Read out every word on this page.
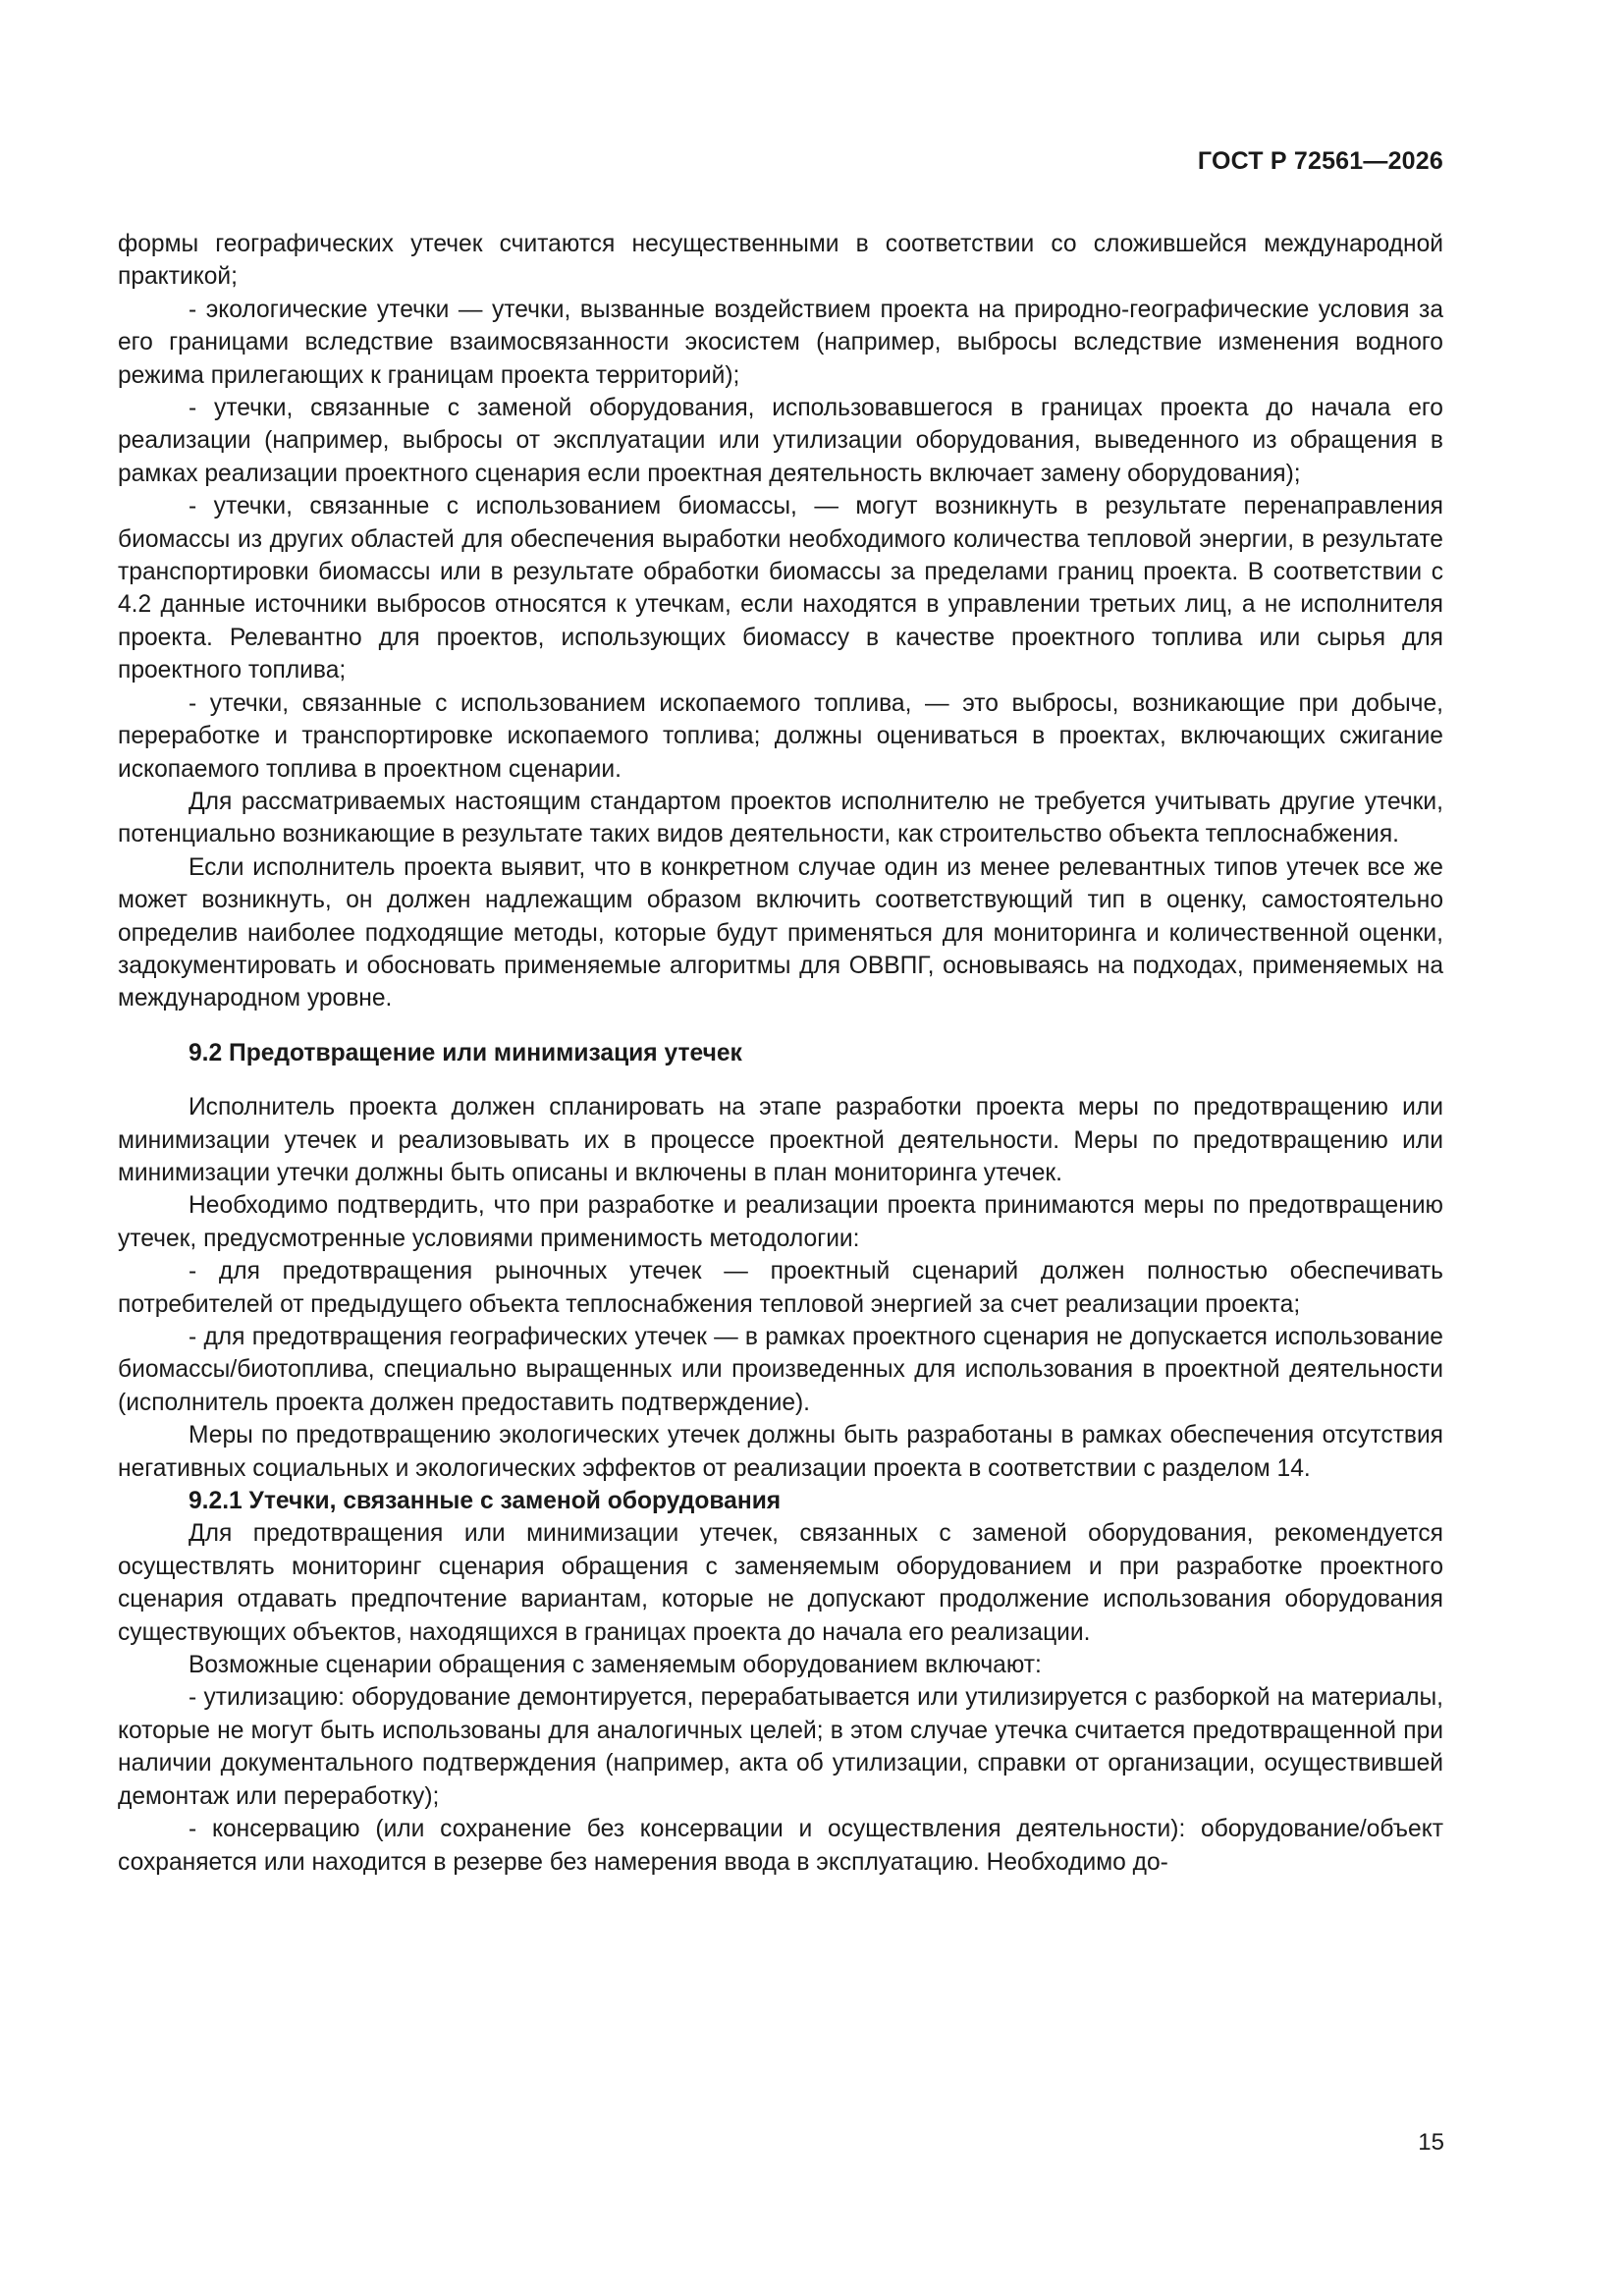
ГОСТ Р 72561—2026

формы географических утечек считаются несущественными в соответствии со сложившейся международной практикой;

- экологические утечки — утечки, вызванные воздействием проекта на природно-географические условия за его границами вследствие взаимосвязанности экосистем (например, выбросы вследствие изменения водного режима прилегающих к границам проекта территорий);

- утечки, связанные с заменой оборудования, использовавшегося в границах проекта до начала его реализации (например, выбросы от эксплуатации или утилизации оборудования, выведенного из обращения в рамках реализации проектного сценария если проектная деятельность включает замену оборудования);

- утечки, связанные с использованием биомассы, — могут возникнуть в результате перенаправления биомассы из других областей для обеспечения выработки необходимого количества тепловой энергии, в результате транспортировки биомассы или в результате обработки биомассы за пределами границ проекта. В соответствии с 4.2 данные источники выбросов относятся к утечкам, если находятся в управлении третьих лиц, а не исполнителя проекта. Релевантно для проектов, использующих биомассу в качестве проектного топлива или сырья для проектного топлива;

- утечки, связанные с использованием ископаемого топлива, — это выбросы, возникающие при добыче, переработке и транспортировке ископаемого топлива; должны оцениваться в проектах, включающих сжигание ископаемого топлива в проектном сценарии.

Для рассматриваемых настоящим стандартом проектов исполнителю не требуется учитывать другие утечки, потенциально возникающие в результате таких видов деятельности, как строительство объекта теплоснабжения.

Если исполнитель проекта выявит, что в конкретном случае один из менее релевантных типов утечек все же может возникнуть, он должен надлежащим образом включить соответствующий тип в оценку, самостоятельно определив наиболее подходящие методы, которые будут применяться для мониторинга и количественной оценки, задокументировать и обосновать применяемые алгоритмы для ОВВПГ, основываясь на подходах, применяемых на международном уровне.

9.2 Предотвращение или минимизация утечек

Исполнитель проекта должен спланировать на этапе разработки проекта меры по предотвращению или минимизации утечек и реализовывать их в процессе проектной деятельности. Меры по предотвращению или минимизации утечки должны быть описаны и включены в план мониторинга утечек.

Необходимо подтвердить, что при разработке и реализации проекта принимаются меры по предотвращению утечек, предусмотренные условиями применимость методологии:

- для предотвращения рыночных утечек — проектный сценарий должен полностью обеспечивать потребителей от предыдущего объекта теплоснабжения тепловой энергией за счет реализации проекта;

- для предотвращения географических утечек — в рамках проектного сценария не допускается использование биомассы/биотоплива, специально выращенных или произведенных для использования в проектной деятельности (исполнитель проекта должен предоставить подтверждение).

Меры по предотвращению экологических утечек должны быть разработаны в рамках обеспечения отсутствия негативных социальных и экологических эффектов от реализации проекта в соответствии с разделом 14.

9.2.1 Утечки, связанные с заменой оборудования

Для предотвращения или минимизации утечек, связанных с заменой оборудования, рекомендуется осуществлять мониторинг сценария обращения с заменяемым оборудованием и при разработке проектного сценария отдавать предпочтение вариантам, которые не допускают продолжение использования оборудования существующих объектов, находящихся в границах проекта до начала его реализации.

Возможные сценарии обращения с заменяемым оборудованием включают:

- утилизацию: оборудование демонтируется, перерабатывается или утилизируется с разборкой на материалы, которые не могут быть использованы для аналогичных целей; в этом случае утечка считается предотвращенной при наличии документального подтверждения (например, акта об утилизации, справки от организации, осуществившей демонтаж или переработку);

- консервацию (или сохранение без консервации и осуществления деятельности): оборудование/объект сохраняется или находится в резерве без намерения ввода в эксплуатацию. Необходимо до-

15
